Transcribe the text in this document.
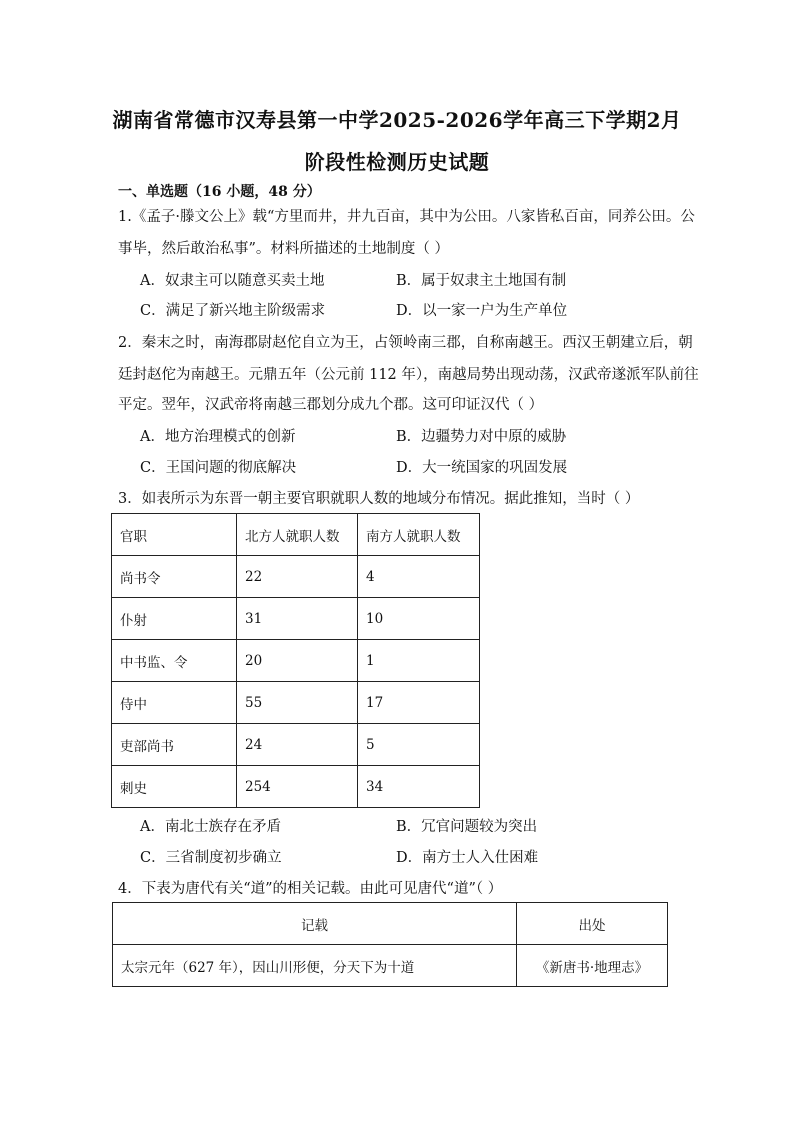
湖南省常德市汉寿县第一中学2025-2026学年高三下学期2月
阶段性检测历史试题
一、单选题（16 小题，48 分）
1.《孟子·滕文公上》载“方里而井，井九百亩，其中为公田。八家皆私百亩，同养公田。公
事毕，然后敢治私事”。材料所描述的土地制度（ ）
A．奴隶主可以随意买卖土地	B．属于奴隶主土地国有制
C．满足了新兴地主阶级需求	D．以一家一户为生产单位
2．秦末之时，南海郡尉赵佗自立为王，占领岭南三郡，自称南越王。西汉王朝建立后，朝
廷封赵佗为南越王。元鼎五年（公元前 112 年），南越局势出现动荡，汉武帝遂派军队前往
平定。翌年，汉武帝将南越三郡划分成九个郡。这可印证汉代（ ）
A．地方治理模式的创新	B．边疆势力对中原的威胁
C．王国问题的彻底解决	D．大一统国家的巩固发展
3．如表所示为东晋一朝主要官职就职人数的地域分布情况。据此推知，当时（ ）
官职	北方人就职人数	南方人就职人数
尚书令	22	4
仆射	31	10
中书监、令	20	1
侍中	55	17
吏部尚书	24	5
刺史	254	34
A．南北士族存在矛盾	B．冗官问题较为突出
C．三省制度初步确立	D．南方士人入仕困难
4．下表为唐代有关“道”的相关记载。由此可见唐代“道”（ ）
记载	出处
太宗元年（627 年），因山川形便，分天下为十道	《新唐书·地理志》
